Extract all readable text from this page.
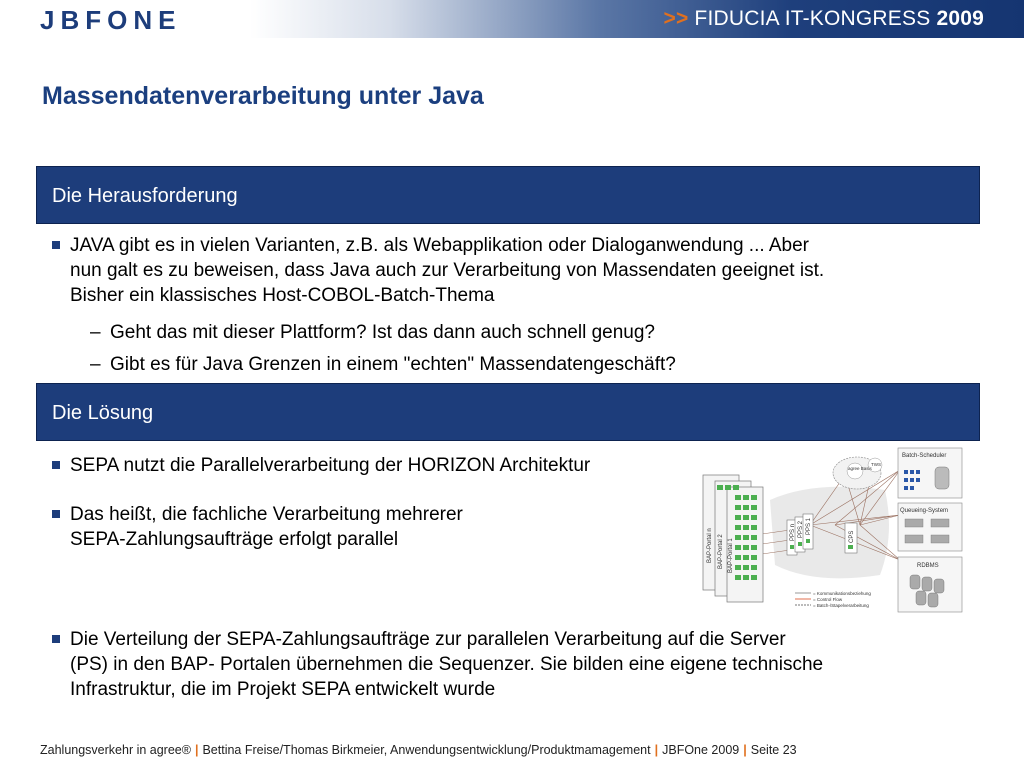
JBFONE	>> FIDUCIA IT-KONGRESS 2009
Massendatenverarbeitung unter Java
Die Herausforderung
JAVA gibt es in vielen Varianten, z.B. als Webapplikation oder Dialoganwendung ... Aber
nun galt es zu beweisen, dass Java auch zur Verarbeitung von Massendaten geeignet ist.
Bisher ein klassisches Host-COBOL-Batch-Thema
– Geht das mit dieser Plattform? Ist das dann auch schnell genug?
– Gibt es für Java Grenzen in einem "echten" Massendatengeschäft?
Die Lösung
SEPA nutzt die Parallelverarbeitung der HORIZON Architektur
Das heißt, die fachliche Verarbeitung mehrerer
SEPA-Zahlungsaufträge erfolgt parallel
Die Verteilung der SEPA-Zahlungsaufträge zur parallelen Verarbeitung auf die Server
(PS) in den BAP- Portalen übernehmen die Sequenzer. Sie bilden eine eigene technische
Infrastruktur, die im Projekt SEPA entwickelt wurde
BAP-Portal n BAP-Portal 2 BAP-Portal 1
PPS n PPS 2 PPS 1
CPS
agree Basis
TWS
Batch-Scheduler
Queueing-System
RDBMS
= Kommunikationsbeziehung
= Control Flow
= Batch-/Stapelverarbeitung
Zahlungsverkehr in agree® | Bettina Freise/Thomas Birkmeier, Anwendungsentwicklung/Produktmamagement | JBFOne 2009 | Seite 23
